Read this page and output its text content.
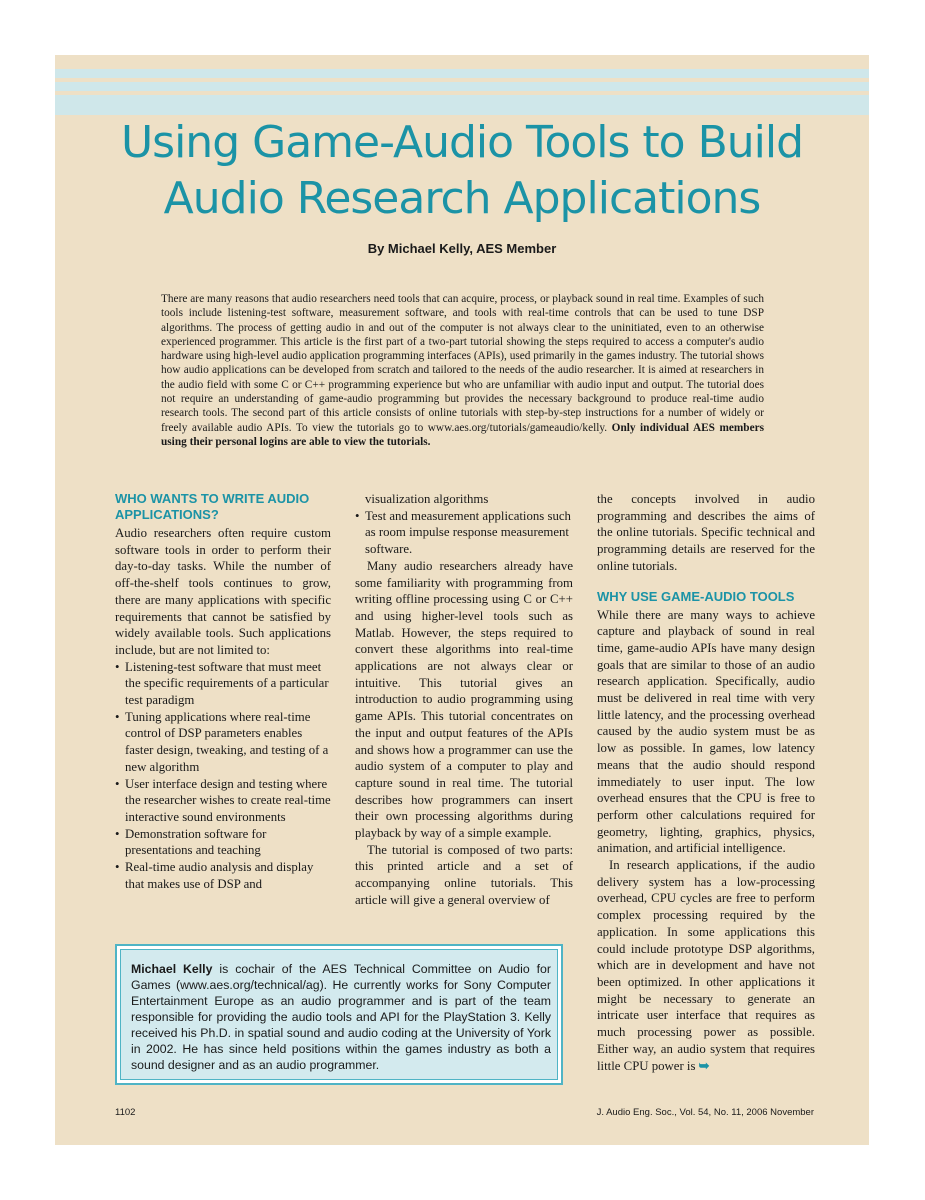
Using Game-Audio Tools to Build
Audio Research Applications
By Michael Kelly, AES Member
There are many reasons that audio researchers need tools that can acquire, process, or playback sound in real time. Examples of such tools include listening-test software, measurement software, and tools with real-time controls that can be used to tune DSP algorithms. The process of getting audio in and out of the computer is not always clear to the uninitiated, even to an otherwise experienced programmer. This article is the first part of a two-part tutorial showing the steps required to access a computer's audio hardware using high-level audio application programming interfaces (APIs), used primarily in the games industry. The tutorial shows how audio applications can be developed from scratch and tailored to the needs of the audio researcher. It is aimed at researchers in the audio field with some C or C++ programming experience but who are unfamiliar with audio input and output. The tutorial does not require an understanding of game-audio programming but provides the necessary background to produce real-time audio research tools. The second part of this article consists of online tutorials with step-by-step instructions for a number of widely or freely available audio APIs. To view the tutorials go to www.aes.org/tutorials/gameaudio/kelly. Only individual AES members using their personal logins are able to view the tutorials.
WHO WANTS TO WRITE AUDIO APPLICATIONS?

Audio researchers often require custom software tools in order to perform their day-to-day tasks. While the number of off-the-shelf tools continues to grow, there are many applications with specific requirements that cannot be satisfied by widely available tools. Such applications include, but are not limited to:

• Listening-test software that must meet the specific requirements of a particular test paradigm
• Tuning applications where real-time control of DSP parameters enables faster design, tweaking, and testing of a new algorithm
• User interface design and testing where the researcher wishes to create real-time interactive sound environments
• Demonstration software for presentations and teaching
• Real-time audio analysis and display that makes use of DSP and

visualization algorithms

• Test and measurement applications such as room impulse response measurement software.

Many audio researchers already have some familiarity with programming from writing offline processing using C or C++ and using higher-level tools such as Matlab. However, the steps required to convert these algorithms into real-time applications are not always clear or intuitive. This tutorial gives an introduction to audio programming using game APIs. This tutorial concentrates on the input and output features of the APIs and shows how a programmer can use the audio system of a computer to play and capture sound in real time. The tutorial describes how programmers can insert their own processing algorithms during playback by way of a simple example.

The tutorial is composed of two parts: this printed article and a set of accompanying online tutorials. This article will give a general overview of

the concepts involved in audio programming and describes the aims of the online tutorials. Specific technical and programming details are reserved for the online tutorials.

WHY USE GAME-AUDIO TOOLS

While there are many ways to achieve capture and playback of sound in real time, game-audio APIs have many design goals that are similar to those of an audio research application. Specifically, audio must be delivered in real time with very little latency, and the processing overhead caused by the audio system must be as low as possible. In games, low latency means that the audio should respond immediately to user input. The low overhead ensures that the CPU is free to perform other calculations required for geometry, lighting, graphics, physics, animation, and artificial intelligence.

In research applications, if the audio delivery system has a low-processing overhead, CPU cycles are free to perform complex processing required by the application. In some applications this could include prototype DSP algorithms, which are in development and have not been optimized. In other applications it might be necessary to generate an intricate user interface that requires as much processing power as possible. Either way, an audio system that requires little CPU power is ➥

Michael Kelly is cochair of the AES Technical Committee on Audio for Games (www.aes.org/technical/ag). He currently works for Sony Computer Entertainment Europe as an audio programmer and is part of the team responsible for providing the audio tools and API for the PlayStation 3. Kelly received his Ph.D. in spatial sound and audio coding at the University of York in 2002. He has since held positions within the games industry as both a sound designer and as an audio programmer.
1102	J. Audio Eng. Soc., Vol. 54, No. 11, 2006 November
